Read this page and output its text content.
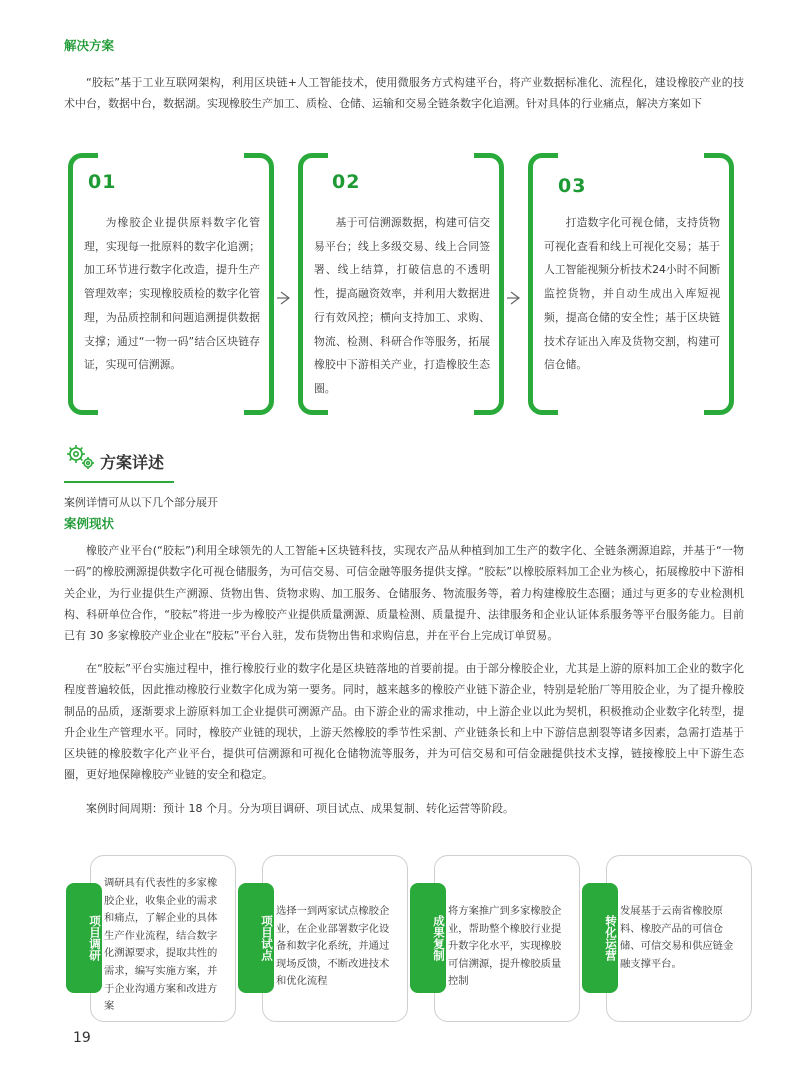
解决方案

“胶耘”基于工业互联网架构，利用区块链+人工智能技术，使用微服务方式构建平台，将产业数据标准化、流程化，建设橡胶产业的技术中台，数据中台，数据湖。实现橡胶生产加工、质检、仓储、运输和交易全链条数字化追溯。针对具体的行业痛点，解决方案如下

01
为橡胶企业提供原料数字化管理，实现每一批原料的数字化追溯；加工环节进行数字化改造，提升生产管理效率；实现橡胶质检的数字化管理，为品质控制和问题追溯提供数据支撑；通过“一物一码”结合区块链存证，实现可信溯源。
02
基于可信溯源数据，构建可信交易平台；线上多级交易、线上合同签署、线上结算，打破信息的不透明性，提高融资效率，并利用大数据进行有效风控；横向支持加工、求购、物流、检测、科研合作等服务，拓展橡胶中下游相关产业，打造橡胶生态圈。
03
打造数字化可视仓储，支持货物可视化查看和线上可视化交易；基于人工智能视频分析技术24小时不间断监控货物，并自动生成出入库短视频，提高仓储的安全性；基于区块链技术存证出入库及货物交割，构建可信仓储。
方案详述
案例详情可从以下几个部分展开
案例现状

橡胶产业平台(“胶耘”)利用全球领先的人工智能+区块链科技，实现农产品从种植到加工生产的数字化、全链条溯源追踪，并基于“一物一码”的橡胶溯源提供数字化可视仓储服务，为可信交易、可信金融等服务提供支撑。“胶耘”以橡胶原料加工企业为核心，拓展橡胶中下游相关企业，为行业提供生产溯源、货物出售、货物求购、加工服务、仓储服务、物流服务等，着力构建橡胶生态圈；通过与更多的专业检测机构、科研单位合作，“胶耘”将进一步为橡胶产业提供质量溯源、质量检测、质量提升、法律服务和企业认证体系服务等平台服务能力。目前已有 30 多家橡胶产业企业在“胶耘”平台入驻，发布货物出售和求购信息，并在平台上完成订单贸易。

在“胶耘”平台实施过程中，推行橡胶行业的数字化是区块链落地的首要前提。由于部分橡胶企业，尤其是上游的原料加工企业的数字化程度普遍较低，因此推动橡胶行业数字化成为第一要务。同时，越来越多的橡胶产业链下游企业，特别是轮胎厂等用胶企业，为了提升橡胶制品的品质，逐渐要求上游原料加工企业提供可溯源产品。由下游企业的需求推动，中上游企业以此为契机，积极推动企业数字化转型，提升企业生产管理水平。同时，橡胶产业链的现状，上游天然橡胶的季节性采割、产业链条长和上中下游信息割裂等诸多因素，急需打造基于区块链的橡胶数字化产业平台，提供可信溯源和可视化仓储物流等服务，并为可信交易和可信金融提供技术支撑，链接橡胶上中下游生态圈，更好地保障橡胶产业链的安全和稳定。

案例时间周期：预计 18 个月。分为项目调研、项目试点、成果复制、转化运营等阶段。

项目调研
调研具有代表性的多家橡胶企业，收集企业的需求和痛点，了解企业的具体生产作业流程，结合数字化溯源要求，提取共性的需求，编写实施方案，并于企业沟通方案和改进方案
项目试点
选择一到两家试点橡胶企业，在企业部署数字化设备和数字化系统，并通过现场反馈，不断改进技术和优化流程
成果复制
将方案推广到多家橡胶企业，帮助整个橡胶行业提升数字化水平，实现橡胶可信溯源，提升橡胶质量控制
转化运营
发展基于云南省橡胶原料、橡胶产品的可信仓储、可信交易和供应链金融支撑平台。
19
